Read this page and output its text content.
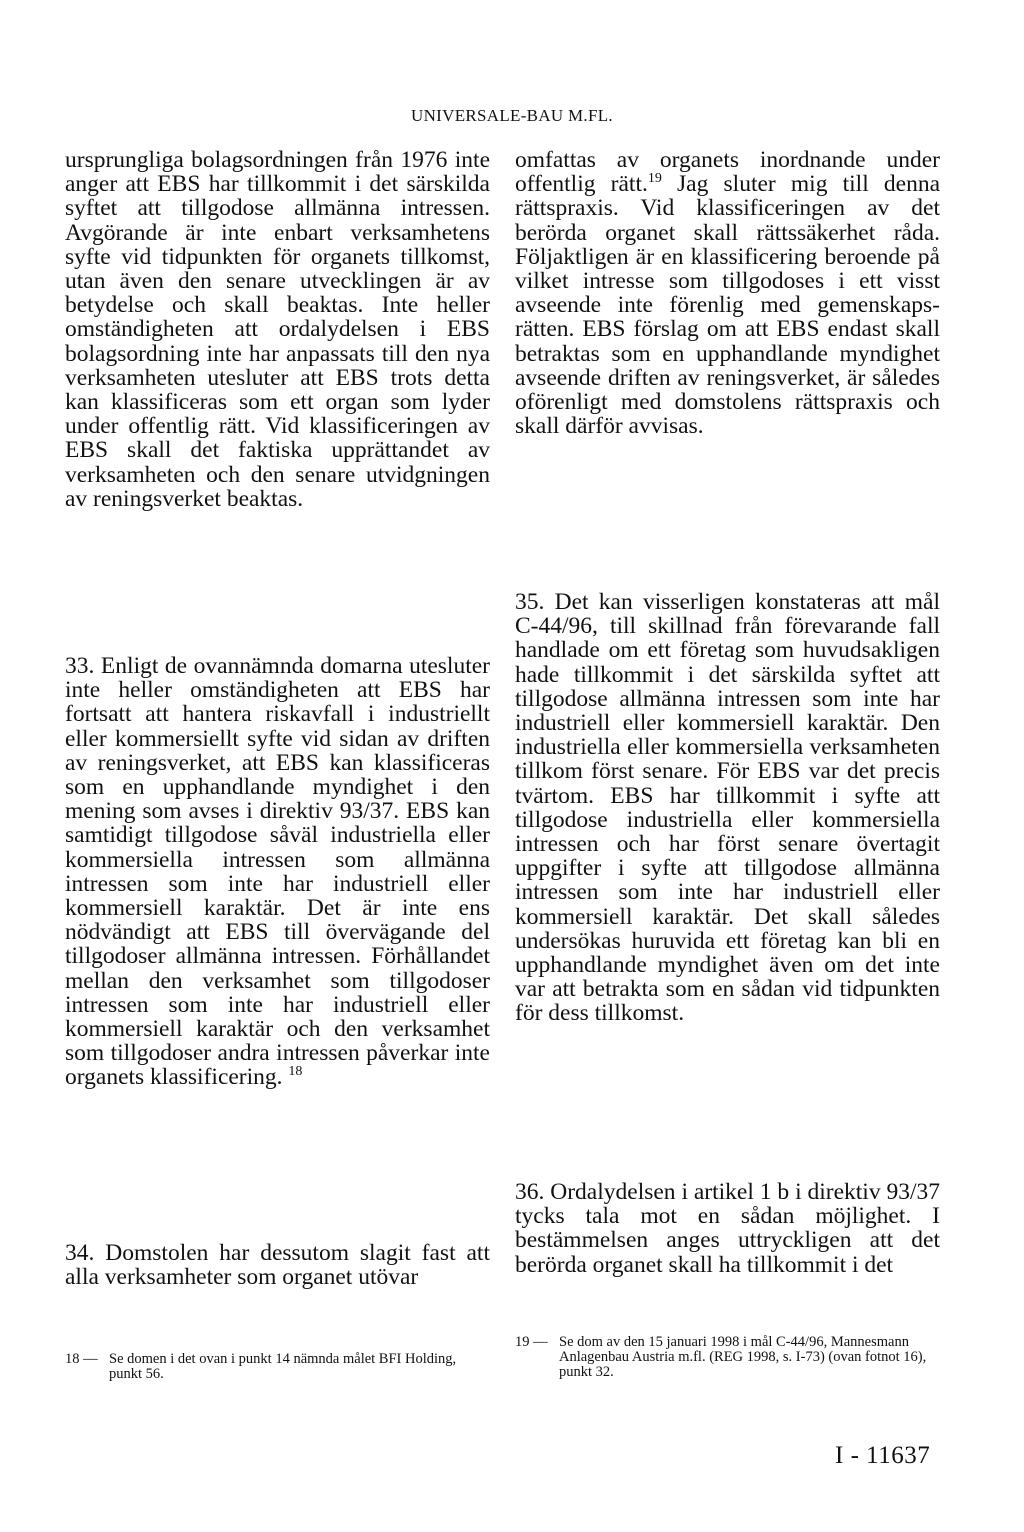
UNIVERSALE-BAU M.FL.

ursprungliga bolagsordningen från 1976 inte anger att EBS har tillkommit i det särskilda syftet att tillgodose allmänna intressen. Avgörande är inte enbart verksamhetens syfte vid tidpunkten för organets tillkomst, utan även den senare utvecklingen är av betydelse och skall beaktas. Inte heller omständigheten att ordalydelsen i EBS bolagsordning inte har anpassats till den nya verksamheten utesluter att EBS trots detta kan klassificeras som ett organ som lyder under offentlig rätt. Vid klassificeringen av EBS skall det faktiska upprättandet av verksamheten och den senare utvidgningen av reningsverket beaktas.

33. Enligt de ovannämnda domarna utesluter inte heller omständigheten att EBS har fortsatt att hantera riskavfall i industriellt eller kommersiellt syfte vid sidan av driften av reningsverket, att EBS kan klassificeras som en upphandlande myndighet i den mening som avses i direktiv 93/37. EBS kan samtidigt tillgodose såväl industriella eller kommersiella intressen som allmänna intressen som inte har industriell eller kommersiell karaktär. Det är inte ens nödvändigt att EBS till övervägande del tillgodoser allmänna intressen. Förhållandet mellan den verksamhet som tillgodoser intressen som inte har industriell eller kommersiell karaktär och den verksamhet som tillgodoser andra intressen påverkar inte organets klassificering. $^{18}$

34. Domstolen har dessutom slagit fast att alla verksamheter som organet utövar

omfattas av organets inordnande under offentlig rätt.$^{19}$ Jag sluter mig till denna rättspraxis. Vid klassificeringen av det berörda organet skall rättssäkerhet råda. Följaktligen är en klassificering beroende på vilket intresse som tillgodoses i ett visst avseende inte förenlig med gemenskapsrätten. EBS förslag om att EBS endast skall betraktas som en upphandlande myndighet avseende driften av reningsverket, är således oförenligt med domstolens rättspraxis och skall därför avvisas.

35. Det kan visserligen konstateras att mål C-44/96, till skillnad från förevarande fall handlade om ett företag som huvudsakligen hade tillkommit i det särskilda syftet att tillgodose allmänna intressen som inte har industriell eller kommersiell karaktär. Den industriella eller kommersiella verksamheten tillkom först senare. För EBS var det precis tvärtom. EBS har tillkommit i syfte att tillgodose industriella eller kommersiella intressen och har först senare övertagit uppgifter i syfte att tillgodose allmänna intressen som inte har industriell eller kommersiell karaktär. Det skall således undersökas huruvida ett företag kan bli en upphandlande myndighet även om det inte var att betrakta som en sådan vid tidpunkten för dess tillkomst.

36. Ordalydelsen i artikel 1 b i direktiv 93/37 tycks tala mot en sådan möjlighet. I bestämmelsen anges uttryckligen att det berörda organet skall ha tillkommit i det

18 — Se domen i det ovan i punkt 14 nämnda målet BFI Holding, punkt 56.
19 — Se dom av den 15 januari 1998 i mål C-44/96, Mannesmann Anlagenbau Austria m.fl. (REG 1998, s. I-73) (ovan fotnot 16), punkt 32.
I - 11637
